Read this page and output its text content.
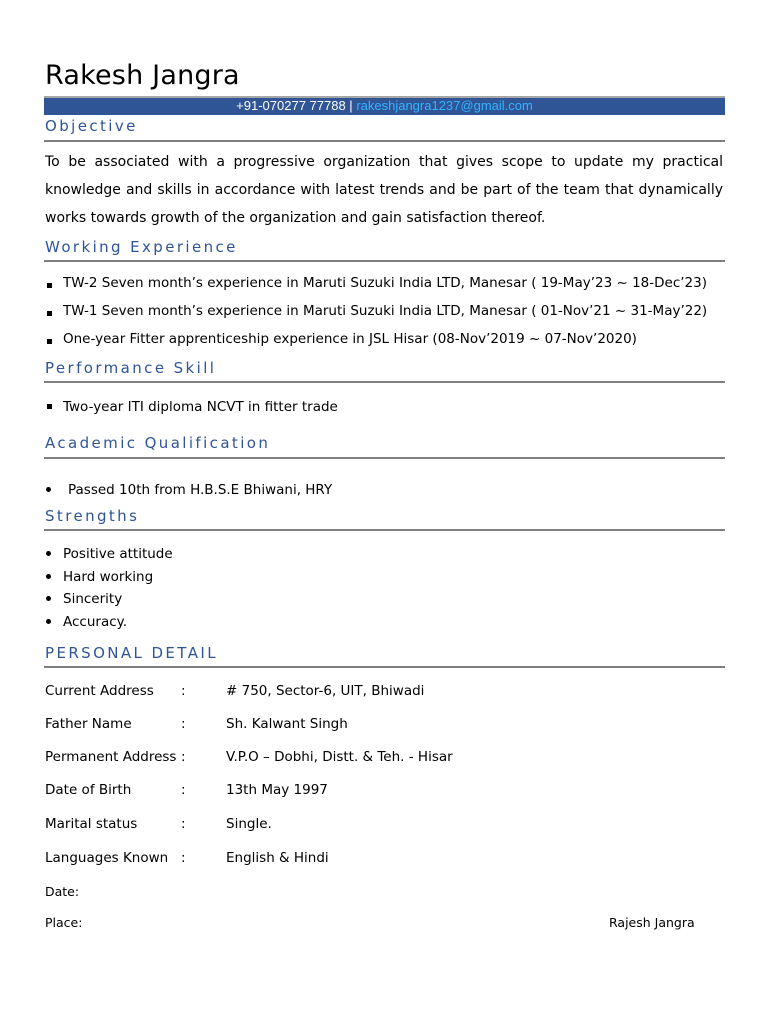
Rakesh Jangra
+91-070277 77788 | rakeshjangra1237@gmail.com
Objective
To be associated with a progressive organization that gives scope to update my practical knowledge and skills in accordance with latest trends and be part of the team that dynamically works towards growth of the organization and gain satisfaction thereof.
Working Experience
TW-2 Seven month’s experience in Maruti Suzuki India LTD, Manesar ( 19-May’23 ~ 18-Dec’23)
TW-1 Seven month’s experience in Maruti Suzuki India LTD, Manesar ( 01-Nov’21 ~ 31-May’22)
One-year Fitter apprenticeship experience in JSL Hisar (08-Nov’2019 ~ 07-Nov’2020)
Performance Skill
Two-year ITI diploma NCVT in fitter trade
Academic Qualification
Passed 10th from H.B.S.E Bhiwani, HRY
Strengths
Positive attitude
Hard working
Sincerity
Accuracy.
PERSONAL DETAIL
Current Address :	# 750, Sector-6, UIT, Bhiwadi
Father Name	:	Sh. Kalwant Singh
Permanent Address :	V.P.O – Dobhi, Distt. & Teh. - Hisar
Date of Birth	:	13th May 1997
Marital status	:	Single.
Languages Known :	English & Hindi
Date:
Place:	Rajesh Jangra
